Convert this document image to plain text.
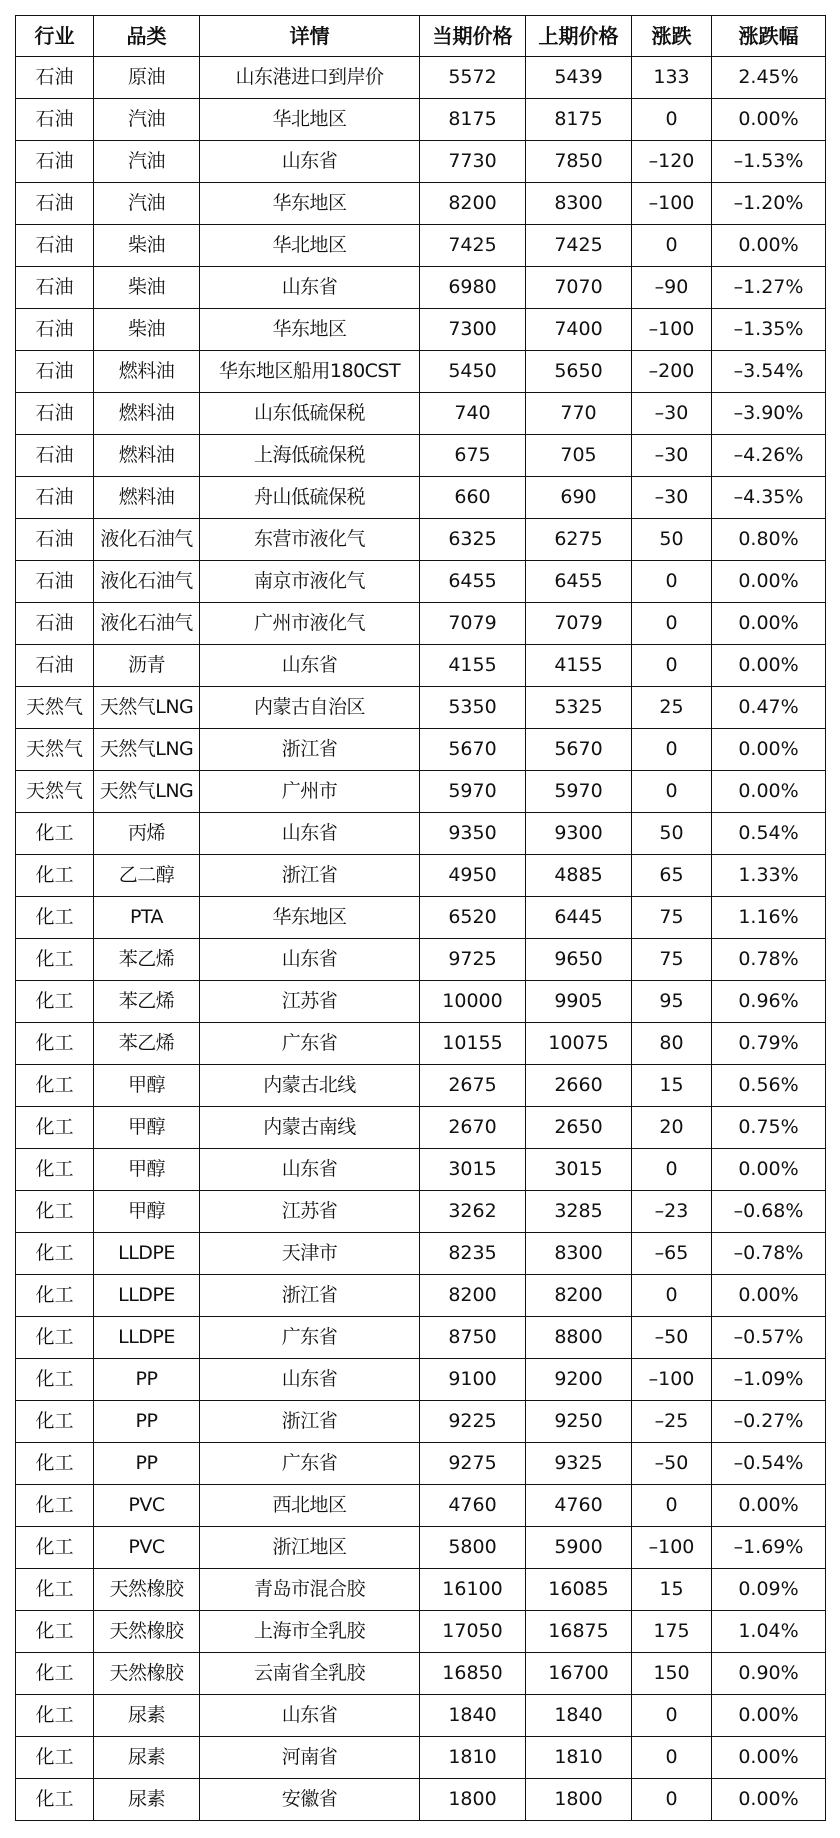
行业	品类	详情	当期价格	上期价格	涨跌	涨跌幅
石油	原油	山东港进口到岸价	5572	5439	133	2.45%
石油	汽油	华北地区	8175	8175	0	0.00%
石油	汽油	山东省	7730	7850	–120	–1.53%
石油	汽油	华东地区	8200	8300	–100	–1.20%
石油	柴油	华北地区	7425	7425	0	0.00%
石油	柴油	山东省	6980	7070	–90	–1.27%
石油	柴油	华东地区	7300	7400	–100	–1.35%
石油	燃料油	华东地区船用180CST	5450	5650	–200	–3.54%
石油	燃料油	山东低硫保税	740	770	–30	–3.90%
石油	燃料油	上海低硫保税	675	705	–30	–4.26%
石油	燃料油	舟山低硫保税	660	690	–30	–4.35%
石油	液化石油气	东营市液化气	6325	6275	50	0.80%
石油	液化石油气	南京市液化气	6455	6455	0	0.00%
石油	液化石油气	广州市液化气	7079	7079	0	0.00%
石油	沥青	山东省	4155	4155	0	0.00%
天然气	天然气LNG	内蒙古自治区	5350	5325	25	0.47%
天然气	天然气LNG	浙江省	5670	5670	0	0.00%
天然气	天然气LNG	广州市	5970	5970	0	0.00%
化工	丙烯	山东省	9350	9300	50	0.54%
化工	乙二醇	浙江省	4950	4885	65	1.33%
化工	PTA	华东地区	6520	6445	75	1.16%
化工	苯乙烯	山东省	9725	9650	75	0.78%
化工	苯乙烯	江苏省	10000	9905	95	0.96%
化工	苯乙烯	广东省	10155	10075	80	0.79%
化工	甲醇	内蒙古北线	2675	2660	15	0.56%
化工	甲醇	内蒙古南线	2670	2650	20	0.75%
化工	甲醇	山东省	3015	3015	0	0.00%
化工	甲醇	江苏省	3262	3285	–23	–0.68%
化工	LLDPE	天津市	8235	8300	–65	–0.78%
化工	LLDPE	浙江省	8200	8200	0	0.00%
化工	LLDPE	广东省	8750	8800	–50	–0.57%
化工	PP	山东省	9100	9200	–100	–1.09%
化工	PP	浙江省	9225	9250	–25	–0.27%
化工	PP	广东省	9275	9325	–50	–0.54%
化工	PVC	西北地区	4760	4760	0	0.00%
化工	PVC	浙江地区	5800	5900	–100	–1.69%
化工	天然橡胶	青岛市混合胶	16100	16085	15	0.09%
化工	天然橡胶	上海市全乳胶	17050	16875	175	1.04%
化工	天然橡胶	云南省全乳胶	16850	16700	150	0.90%
化工	尿素	山东省	1840	1840	0	0.00%
化工	尿素	河南省	1810	1810	0	0.00%
化工	尿素	安徽省	1800	1800	0	0.00%
